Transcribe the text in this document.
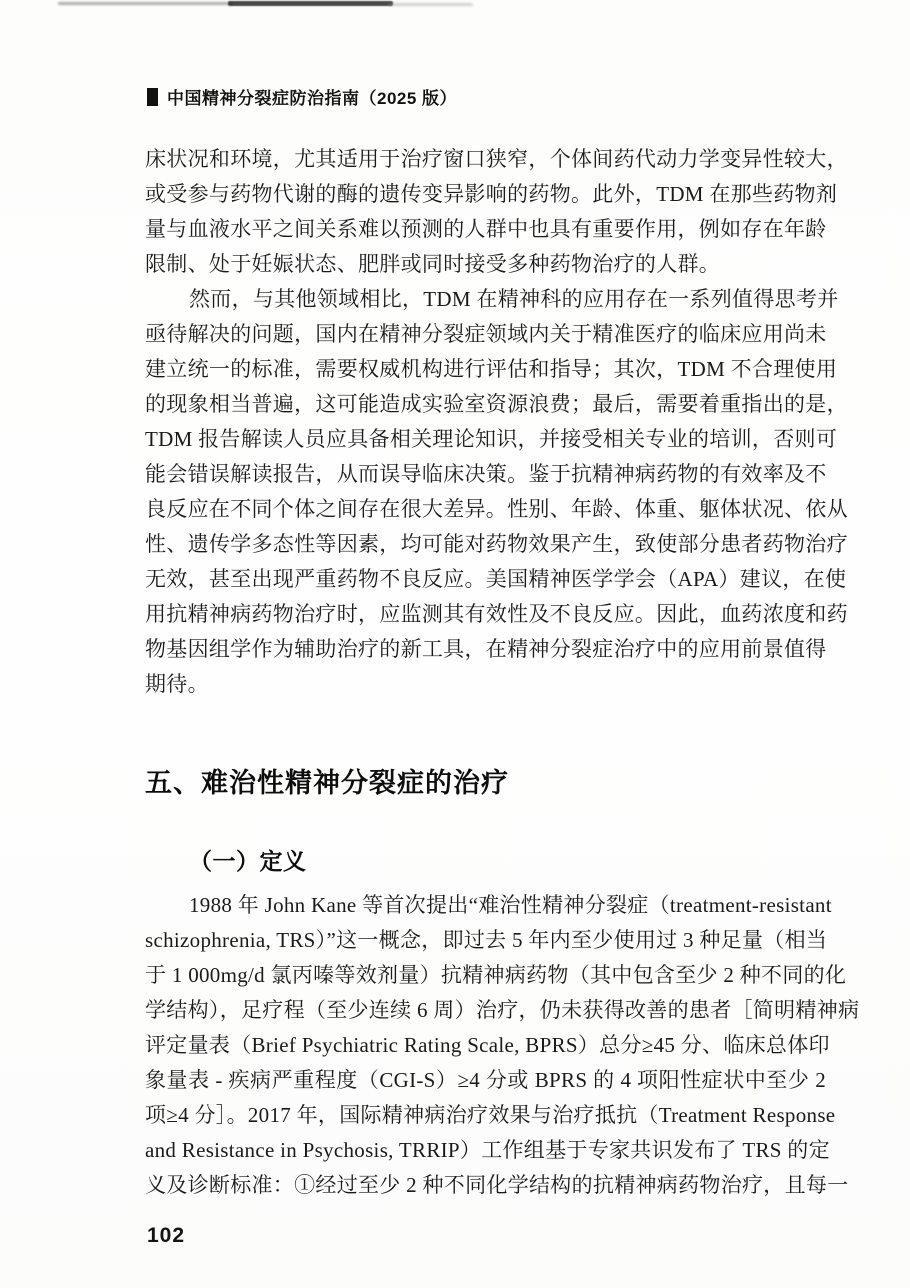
中国精神分裂症防治指南（2025 版）
床状况和环境，尤其适用于治疗窗口狭窄，个体间药代动力学变异性较大，
或受参与药物代谢的酶的遗传变异影响的药物。此外，TDM 在那些药物剂
量与血液水平之间关系难以预测的人群中也具有重要作用，例如存在年龄
限制、处于妊娠状态、肥胖或同时接受多种药物治疗的人群。
然而，与其他领域相比，TDM 在精神科的应用存在一系列值得思考并
亟待解决的问题，国内在精神分裂症领域内关于精准医疗的临床应用尚未
建立统一的标准，需要权威机构进行评估和指导；其次，TDM 不合理使用
的现象相当普遍，这可能造成实验室资源浪费；最后，需要着重指出的是，
TDM 报告解读人员应具备相关理论知识，并接受相关专业的培训，否则可
能会错误解读报告，从而误导临床决策。鉴于抗精神病药物的有效率及不
良反应在不同个体之间存在很大差异。性别、年龄、体重、躯体状况、依从
性、遗传学多态性等因素，均可能对药物效果产生，致使部分患者药物治疗
无效，甚至出现严重药物不良反应。美国精神医学学会（APA）建议，在使
用抗精神病药物治疗时，应监测其有效性及不良反应。因此，血药浓度和药
物基因组学作为辅助治疗的新工具，在精神分裂症治疗中的应用前景值得
期待。
五、难治性精神分裂症的治疗
（一）定义
1988 年 John Kane 等首次提出“难治性精神分裂症（treatment-resistant
schizophrenia, TRS）”这一概念，即过去 5 年内至少使用过 3 种足量（相当
于 1 000mg/d 氯丙嗪等效剂量）抗精神病药物（其中包含至少 2 种不同的化
学结构），足疗程（至少连续 6 周）治疗，仍未获得改善的患者［简明精神病
评定量表（Brief Psychiatric Rating Scale, BPRS）总分≥45 分、临床总体印
象量表 - 疾病严重程度（CGI-S）≥4 分或 BPRS 的 4 项阳性症状中至少 2
项≥4 分］。2017 年，国际精神病治疗效果与治疗抵抗（Treatment Response
and Resistance in Psychosis, TRRIP）工作组基于专家共识发布了 TRS 的定
义及诊断标准：①经过至少 2 种不同化学结构的抗精神病药物治疗，且每一
102
